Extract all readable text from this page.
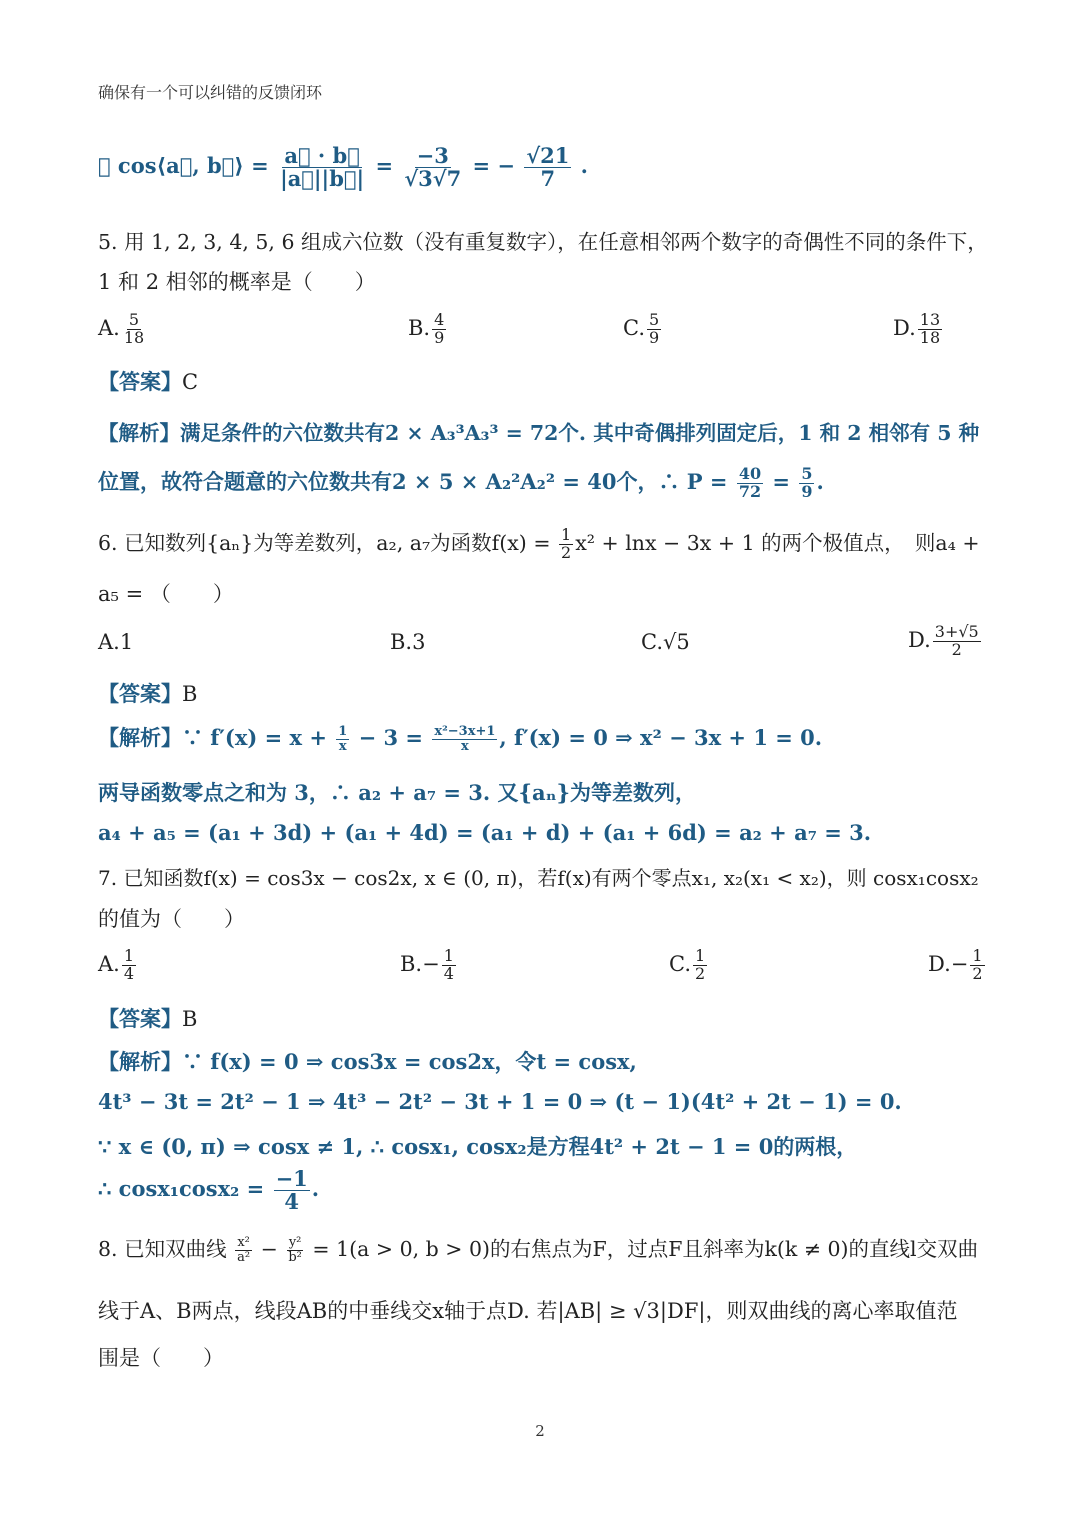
确保有一个可以纠错的反馈闭环
∴ cos⟨a⃗, b⃗⟩ = $\frac{a⃗ \cdot b⃗}{|a⃗||b⃗|} = \frac{-3}{√3√7}$ = − $\frac{√21}{7}$ .
5. 用 1, 2, 3, 4, 5, 6 组成六位数（没有重复数字），在任意相邻两个数字的奇偶性不同的条件下，
1 和 2 相邻的概率是（　　）
A. $\frac{5}{18}$	B. $\frac{4}{9}$	C. $\frac{5}{9}$	D. $\frac{13}{18}$
【答案】C
【解析】满足条件的六位数共有2 × A₃³A₃³ = 72个. 其中奇偶排列固定后，1 和 2 相邻有 5 种
位置，故符合题意的六位数共有2 × 5 × A₂²A₂² = 40个，∴ $P = \frac{40}{72} = \frac{5}{9}$ .
6. 已知数列{aₙ}为等差数列，a₂, a₇为函数$f(x) = \frac{1}{2} x^2 + \ln x - 3x + 1$ 的两个极值点，　则a₄ +
a₅ = （　　）
A.1	B.3	C.√5	D. $\frac{3+√5}{2}$
【答案】B
【解析】∵ $f'(x) = x + \frac{1}{x} - 3 = \frac{\text{x²−3x+1}}{x}$ , f′(x) = 0 ⇒ x² − 3x + 1 = 0.
两导函数零点之和为 3，∴ a₂ + a₇ = 3. 又{aₙ}为等差数列，
a₄ + a₅ = (a₁ + 3d) + (a₁ + 4d) = (a₁ + d) + (a₁ + 6d) = a₂ + a₇ = 3.
7. 已知函数f(x) = cos3x − cos2x, x ∈ (0, π)，若f(x)有两个零点x₁, x₂(x₁ < x₂)，则 cosx₁cosx₂
的值为（　　）
A. $\frac{1}{4}$	$B.- \frac{1}{4}$	C. $\frac{1}{2}$	$D.- \frac{1}{2}$
【答案】B
【解析】∵ f(x) = 0 ⇒ cos3x = cos2x，令t = cosx,
4t³ − 3t = 2t² − 1 ⇒ 4t³ − 2t² − 3t + 1 = 0 ⇒ (t − 1)(4t² + 2t − 1) = 0.
∵ x ∈ (0, π) ⇒ cosx ≠ 1, ∴ cosx₁, cosx₂是方程4t² + 2t − 1 = 0的两根，
∴ $\cos x_1\cos x_2 = \frac{-1}{4}$ .
8. 已知双曲线 $\frac{\text{x²}}{\text{a²}} - \frac{\text{y²}}{\text{b²}} = 1(a > 0$, b > 0)的右焦点为F，过点F且斜率为k(k ≠ 0)的直线l交双曲
线于A、B两点，线段AB的中垂线交x轴于点D. 若|AB| ≥ √3|DF|，则双曲线的离心率取值范
围是（　　）
2
